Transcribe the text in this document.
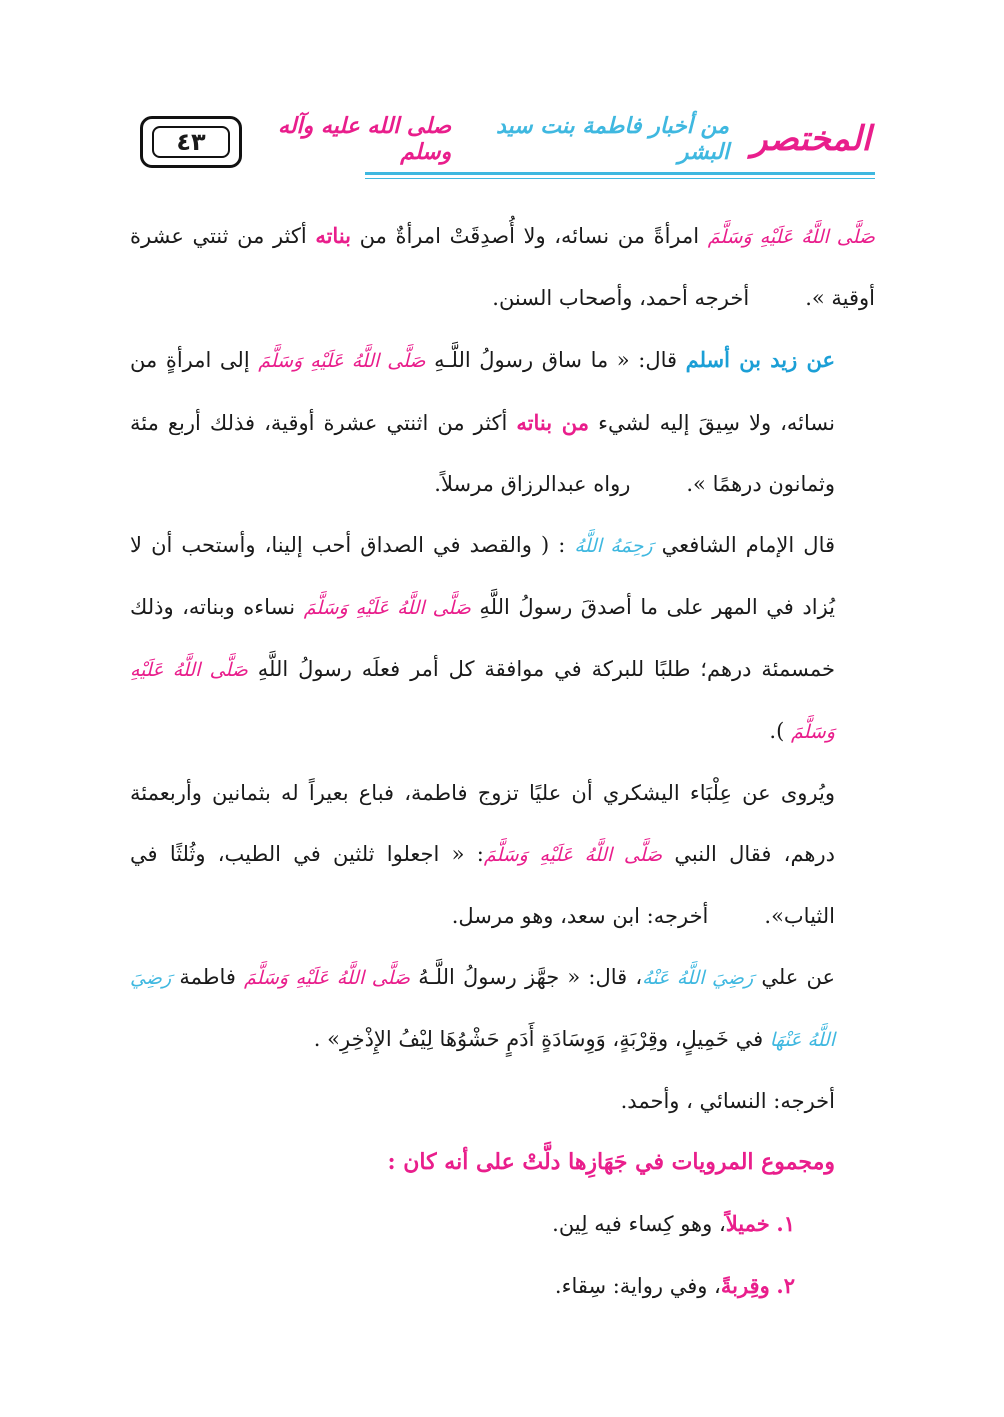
٤٣	المختصر
من أخبار فاطمة بنت سيد البشر
صلى الله عليه وآله وسلم

صَلَّى اللَّهُ عَلَيْهِ وَسَلَّمَ امرأةً من نسائه، ولا أُصدِقَتْ امرأةٌ من بناته أكثر من ثنتي عشرة أوقية ».أخرجه أحمد، وأصحاب السنن.

عن زيد بن أسلم قال: « ما ساق رسولُ اللَّـهِ صَلَّى اللَّهُ عَلَيْهِ وَسَلَّمَ إلى امرأةٍ من نسائه، ولا سِيقَ إليه لشيء من بناته أكثر من اثنتي عشرة أوقية، فذلك أربع مئة وثمانون درهمًا ».رواه عبدالرزاق مرسلاً.

قال الإمام الشافعي رَحِمَهُ اللَّهُ : ( والقصد في الصداق أحب إلينا، وأستحب أن لا يُزاد في المهر على ما أصدقَ رسولُ اللَّهِ صَلَّى اللَّهُ عَلَيْهِ وَسَلَّمَ نساءه وبناته، وذلك خمسمئة درهم؛ طلبًا للبركة في موافقة كل أمر فعلَه رسولُ اللَّهِ صَلَّى اللَّهُ عَلَيْهِ وَسَلَّمَ ).

ويُروى عن عِلْبَاء اليشكري أن عليًا تزوج فاطمة، فباع بعيراً له بثمانين وأربعمئة درهم، فقال النبي صَلَّى اللَّهُ عَلَيْهِ وَسَلَّمَ: « اجعلوا ثلثين في الطيب، وثُلثًا في الثياب».أخرجه: ابن سعد، وهو مرسل.

عن علي رَضِيَ اللَّهُ عَنْهُ، قال: « جهَّز رسولُ اللَّـهُ صَلَّى اللَّهُ عَلَيْهِ وَسَلَّمَ فاطمة رَضِيَ اللَّهُ عَنْهَا في خَمِيلٍ، وقِرْبَةٍ، وَوِسَادَةٍ أَدَمٍ حَشْوُهَا لِيْفُ الإِذْخِرِ» .

أخرجه: النسائي ، وأحمد.

ومجموع المرويات في جَهَازِها دلَّتْ على أنه كان :

١. خميلاً، وهو كِساء فيه لِين.

٢. وقِربةً، وفي رواية: سِقاء.
